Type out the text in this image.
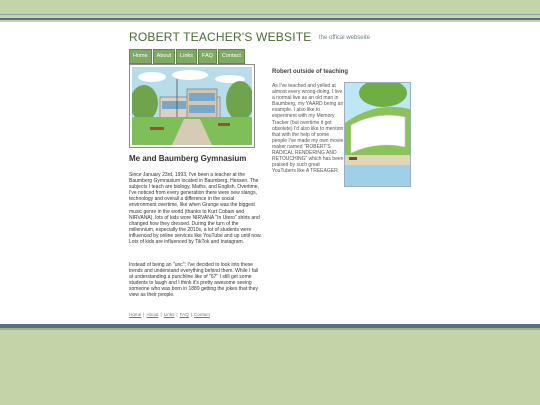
ROBERT TEACHER'S WEBSITE the offical webseite
Home	About	Links	FAQ	Contact
Me and Baumberg Gymnasium

Since January 23rd, 1993, I've been a teacher at the Baumberg Gymnasium located in Baumberg, Hessen. The subjects I teach are biology, Maths, and English. Overtime, I've noticed from every generation there were new slangs, technology and overall a difference in the social environment overtime, like when Grunge was the biggest music genre in the world (thanks to Kurt Cobain and NIRVANA), lots of kids wore NIRVANA "In Utero" shirts and changed how they dressed. During the turn of the millennium, especially the 2010s, a lot of students were influenced by online services like YouTube and up until now. Lots of kids are influenced by TikTok and Instagram.

Instead of being an "unc": I've decided to look into these trends and understand everything behind them. While I fail at understanding a punchline like of "67" I still get some students to laugh and I think it's pretty awesome seeing someone who was born in 1889 getting the jokes that they view as their people.

Robert outside of teaching

As I've teached and yelled at almost every wrong-doing, I live a normal live as an old man in Baumberg, my YAARD being an example. I also like to experiment with my Memory Tracker (but overtime it got obsolete) I'd also like to mention that with the help of some people I've made my own movie maker named "ROBERT'S RADICAL RENDERING AND RETOUCHING" which has been praised by such great YouTubers like A TREEAGER.

Home | About | Links | FAQ | Contact
